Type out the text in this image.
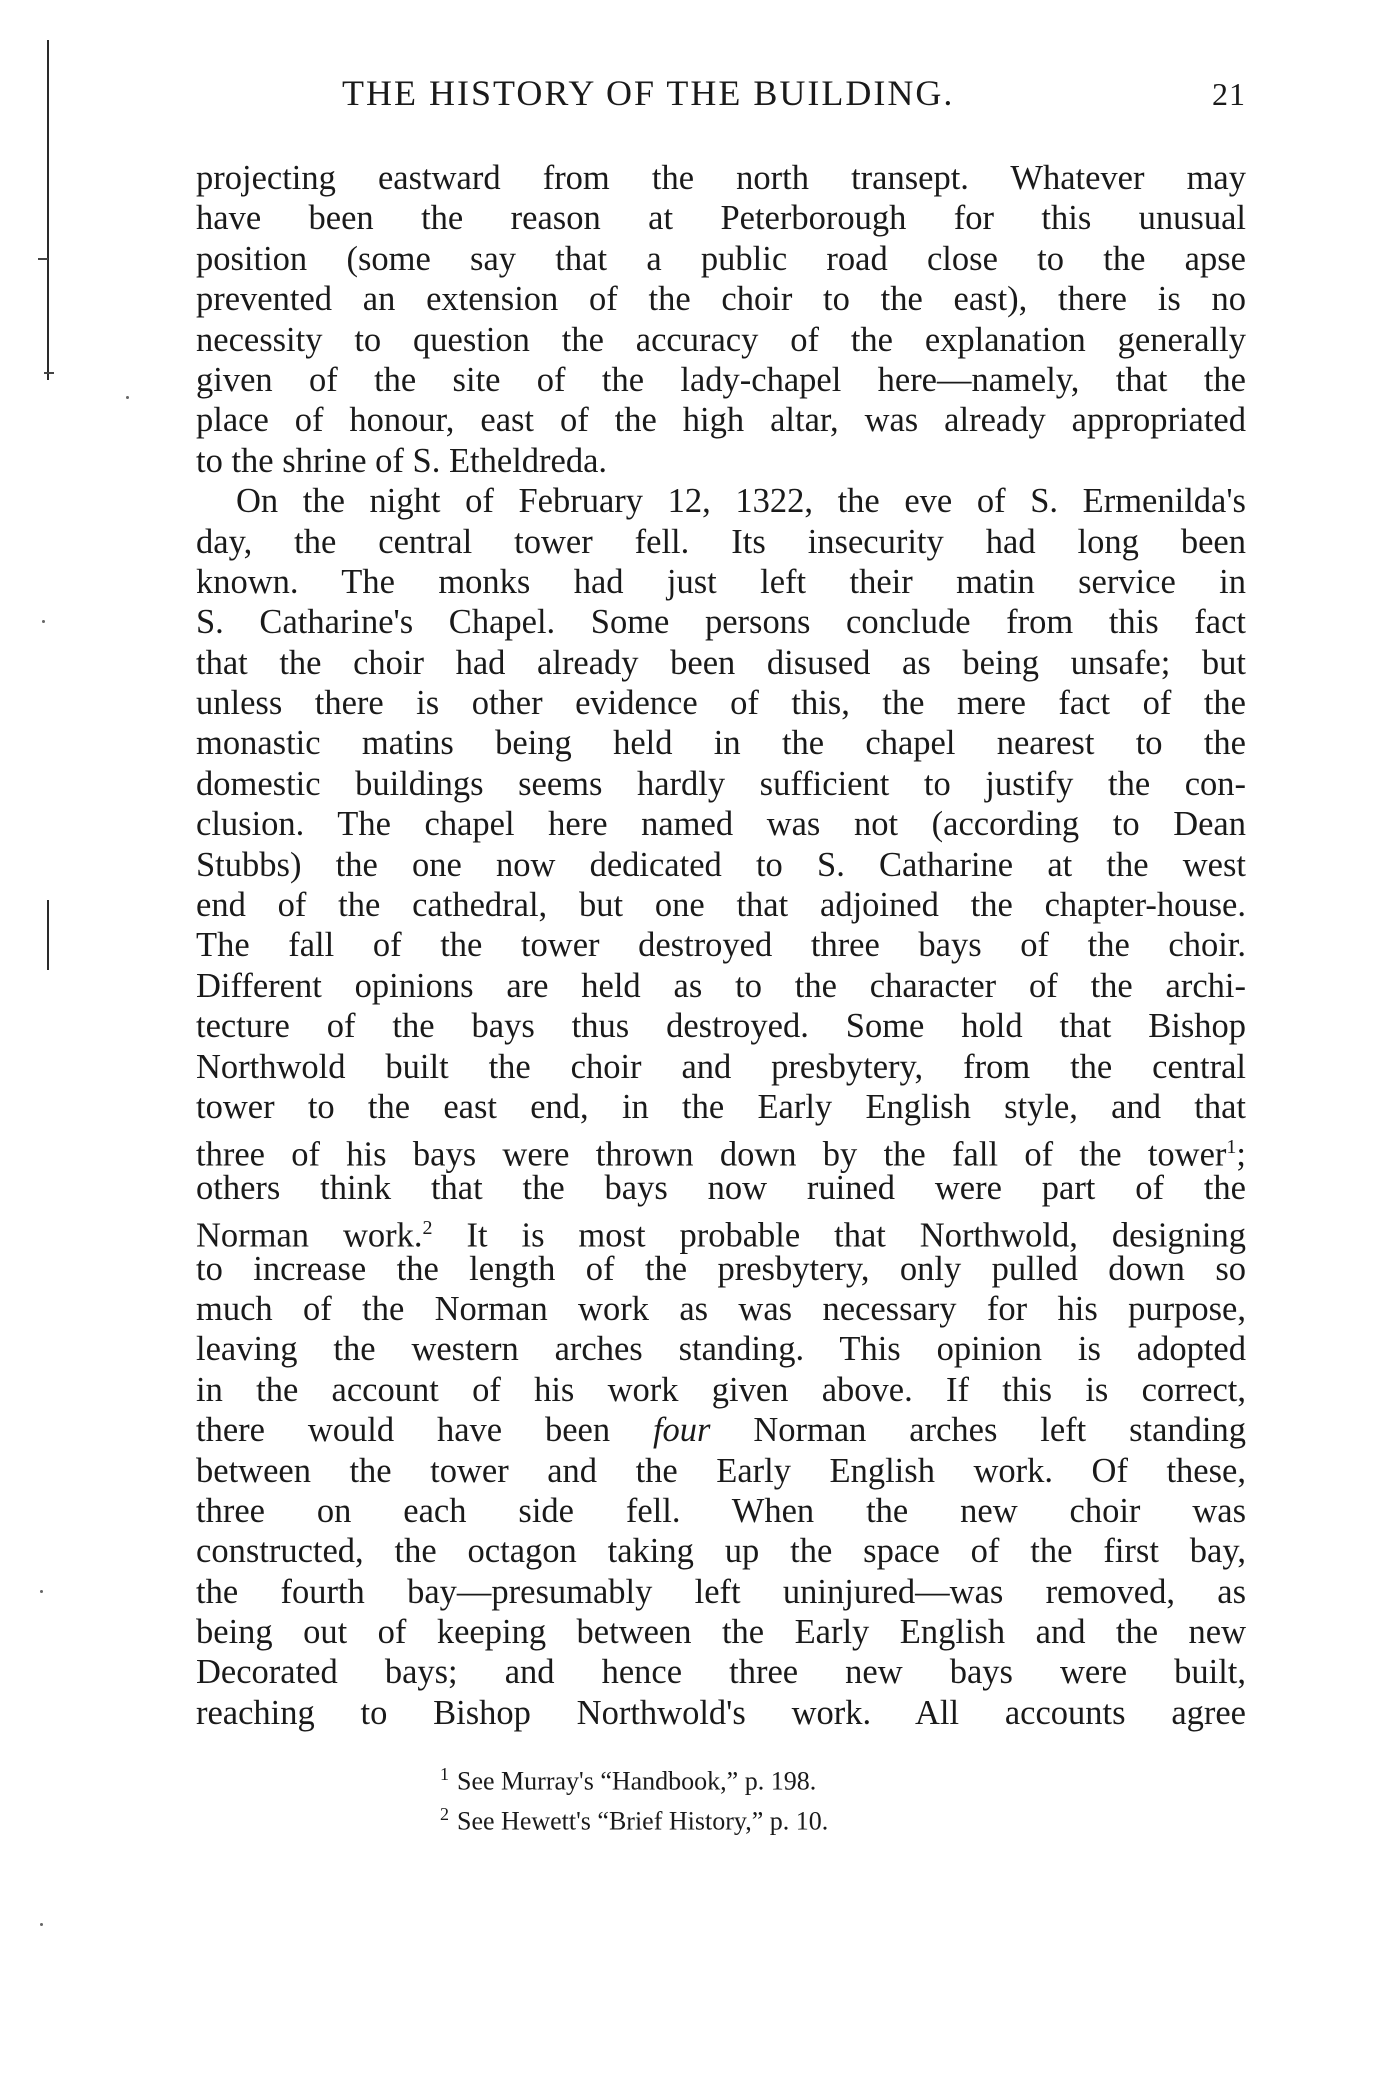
THE HISTORY OF THE BUILDING.	21
projecting eastward from the north transept. Whatever may
have been the reason at Peterborough for this unusual
position (some say that a public road close to the apse
prevented an extension of the choir to the east), there is no
necessity to question the accuracy of the explanation generally
given of the site of the lady-chapel here—namely, that the
place of honour, east of the high altar, was already appropriated
to the shrine of S. Etheldreda.
On the night of February 12, 1322, the eve of S. Ermenilda's
day, the central tower fell. Its insecurity had long been
known. The monks had just left their matin service in
S. Catharine's Chapel. Some persons conclude from this fact
that the choir had already been disused as being unsafe; but
unless there is other evidence of this, the mere fact of the
monastic matins being held in the chapel nearest to the
domestic buildings seems hardly sufficient to justify the con-
clusion. The chapel here named was not (according to Dean
Stubbs) the one now dedicated to S. Catharine at the west
end of the cathedral, but one that adjoined the chapter-house.
The fall of the tower destroyed three bays of the choir.
Different opinions are held as to the character of the archi-
tecture of the bays thus destroyed. Some hold that Bishop
Northwold built the choir and presbytery, from the central
tower to the east end, in the Early English style, and that
three of his bays were thrown down by the fall of the tower$^1$;
others think that the bays now ruined were part of the
Norman work.$^2$ It is most probable that Northwold, designing
to increase the length of the presbytery, only pulled down so
much of the Norman work as was necessary for his purpose,
leaving the western arches standing. This opinion is adopted
in the account of his work given above. If this is correct,
there would have been four Norman arches left standing
between the tower and the Early English work. Of these,
three on each side fell. When the new choir was
constructed, the octagon taking up the space of the first bay,
the fourth bay—presumably left uninjured—was removed, as
being out of keeping between the Early English and the new
Decorated bays; and hence three new bays were built,
reaching to Bishop Northwold's work. All accounts agree
$^1$ See Murray's “Handbook,” p. 198.
$^2$ See Hewett's “Brief History,” p. 10.
